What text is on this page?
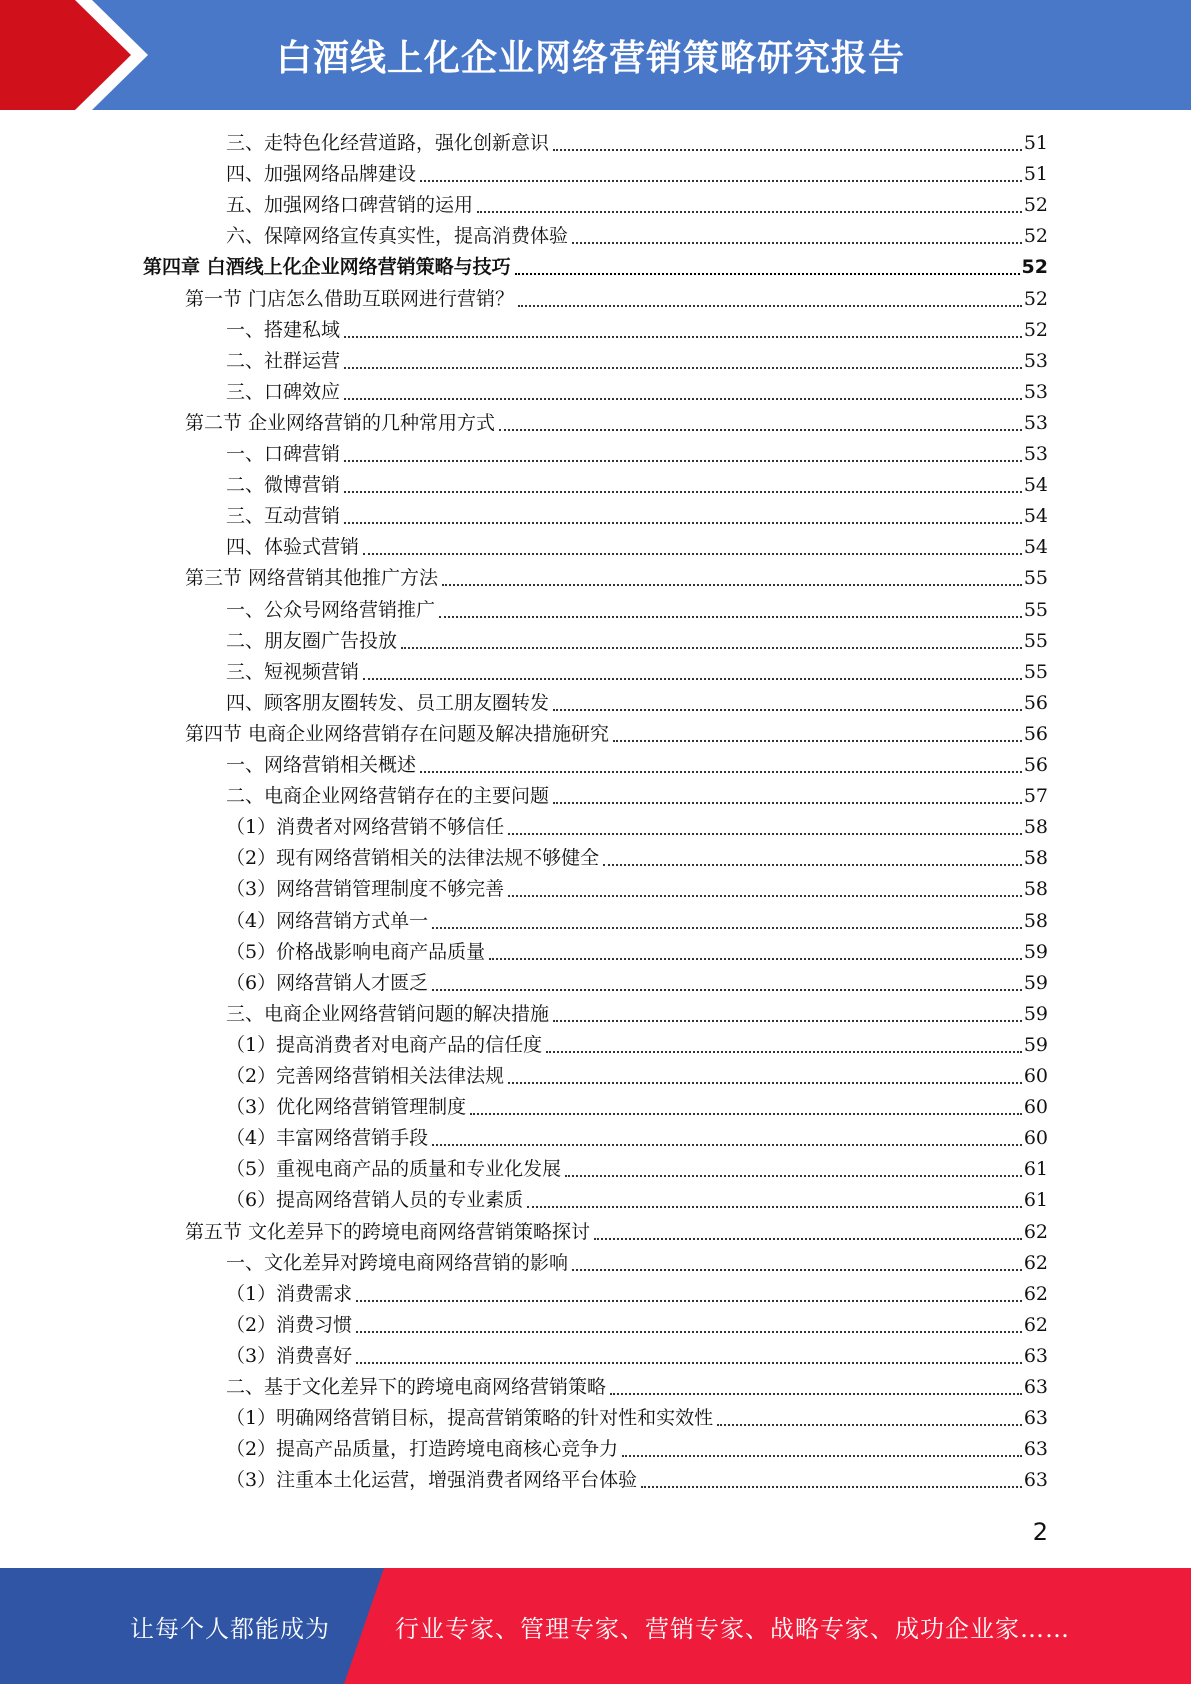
白酒线上化企业网络营销策略研究报告
三、走特色化经营道路，强化创新意识	51
四、加强网络品牌建设	51
五、加强网络口碑营销的运用	52
六、保障网络宣传真实性，提高消费体验	52
第四章 白酒线上化企业网络营销策略与技巧	52
第一节 门店怎么借助互联网进行营销？	52
一、搭建私域	52
二、社群运营	53
三、口碑效应	53
第二节 企业网络营销的几种常用方式	53
一、口碑营销	53
二、微博营销	54
三、互动营销	54
四、体验式营销	54
第三节 网络营销其他推广方法	55
一、公众号网络营销推广	55
二、朋友圈广告投放	55
三、短视频营销	55
四、顾客朋友圈转发、员工朋友圈转发	56
第四节 电商企业网络营销存在问题及解决措施研究	56
一、网络营销相关概述	56
二、电商企业网络营销存在的主要问题	57
（1）消费者对网络营销不够信任	58
（2）现有网络营销相关的法律法规不够健全	58
（3）网络营销管理制度不够完善	58
（4）网络营销方式单一	58
（5）价格战影响电商产品质量	59
（6）网络营销人才匮乏	59
三、电商企业网络营销问题的解决措施	59
（1）提高消费者对电商产品的信任度	59
（2）完善网络营销相关法律法规	60
（3）优化网络营销管理制度	60
（4）丰富网络营销手段	60
（5）重视电商产品的质量和专业化发展	61
（6）提高网络营销人员的专业素质	61
第五节 文化差异下的跨境电商网络营销策略探讨	62
一、文化差异对跨境电商网络营销的影响	62
（1）消费需求	62
（2）消费习惯	62
（3）消费喜好	63
二、基于文化差异下的跨境电商网络营销策略	63
（1）明确网络营销目标，提高营销策略的针对性和实效性	63
（2）提高产品质量，打造跨境电商核心竞争力	63
（3）注重本土化运营，增强消费者网络平台体验	63
2
让每个人都能成为	行业专家、管理专家、营销专家、战略专家、成功企业家……
